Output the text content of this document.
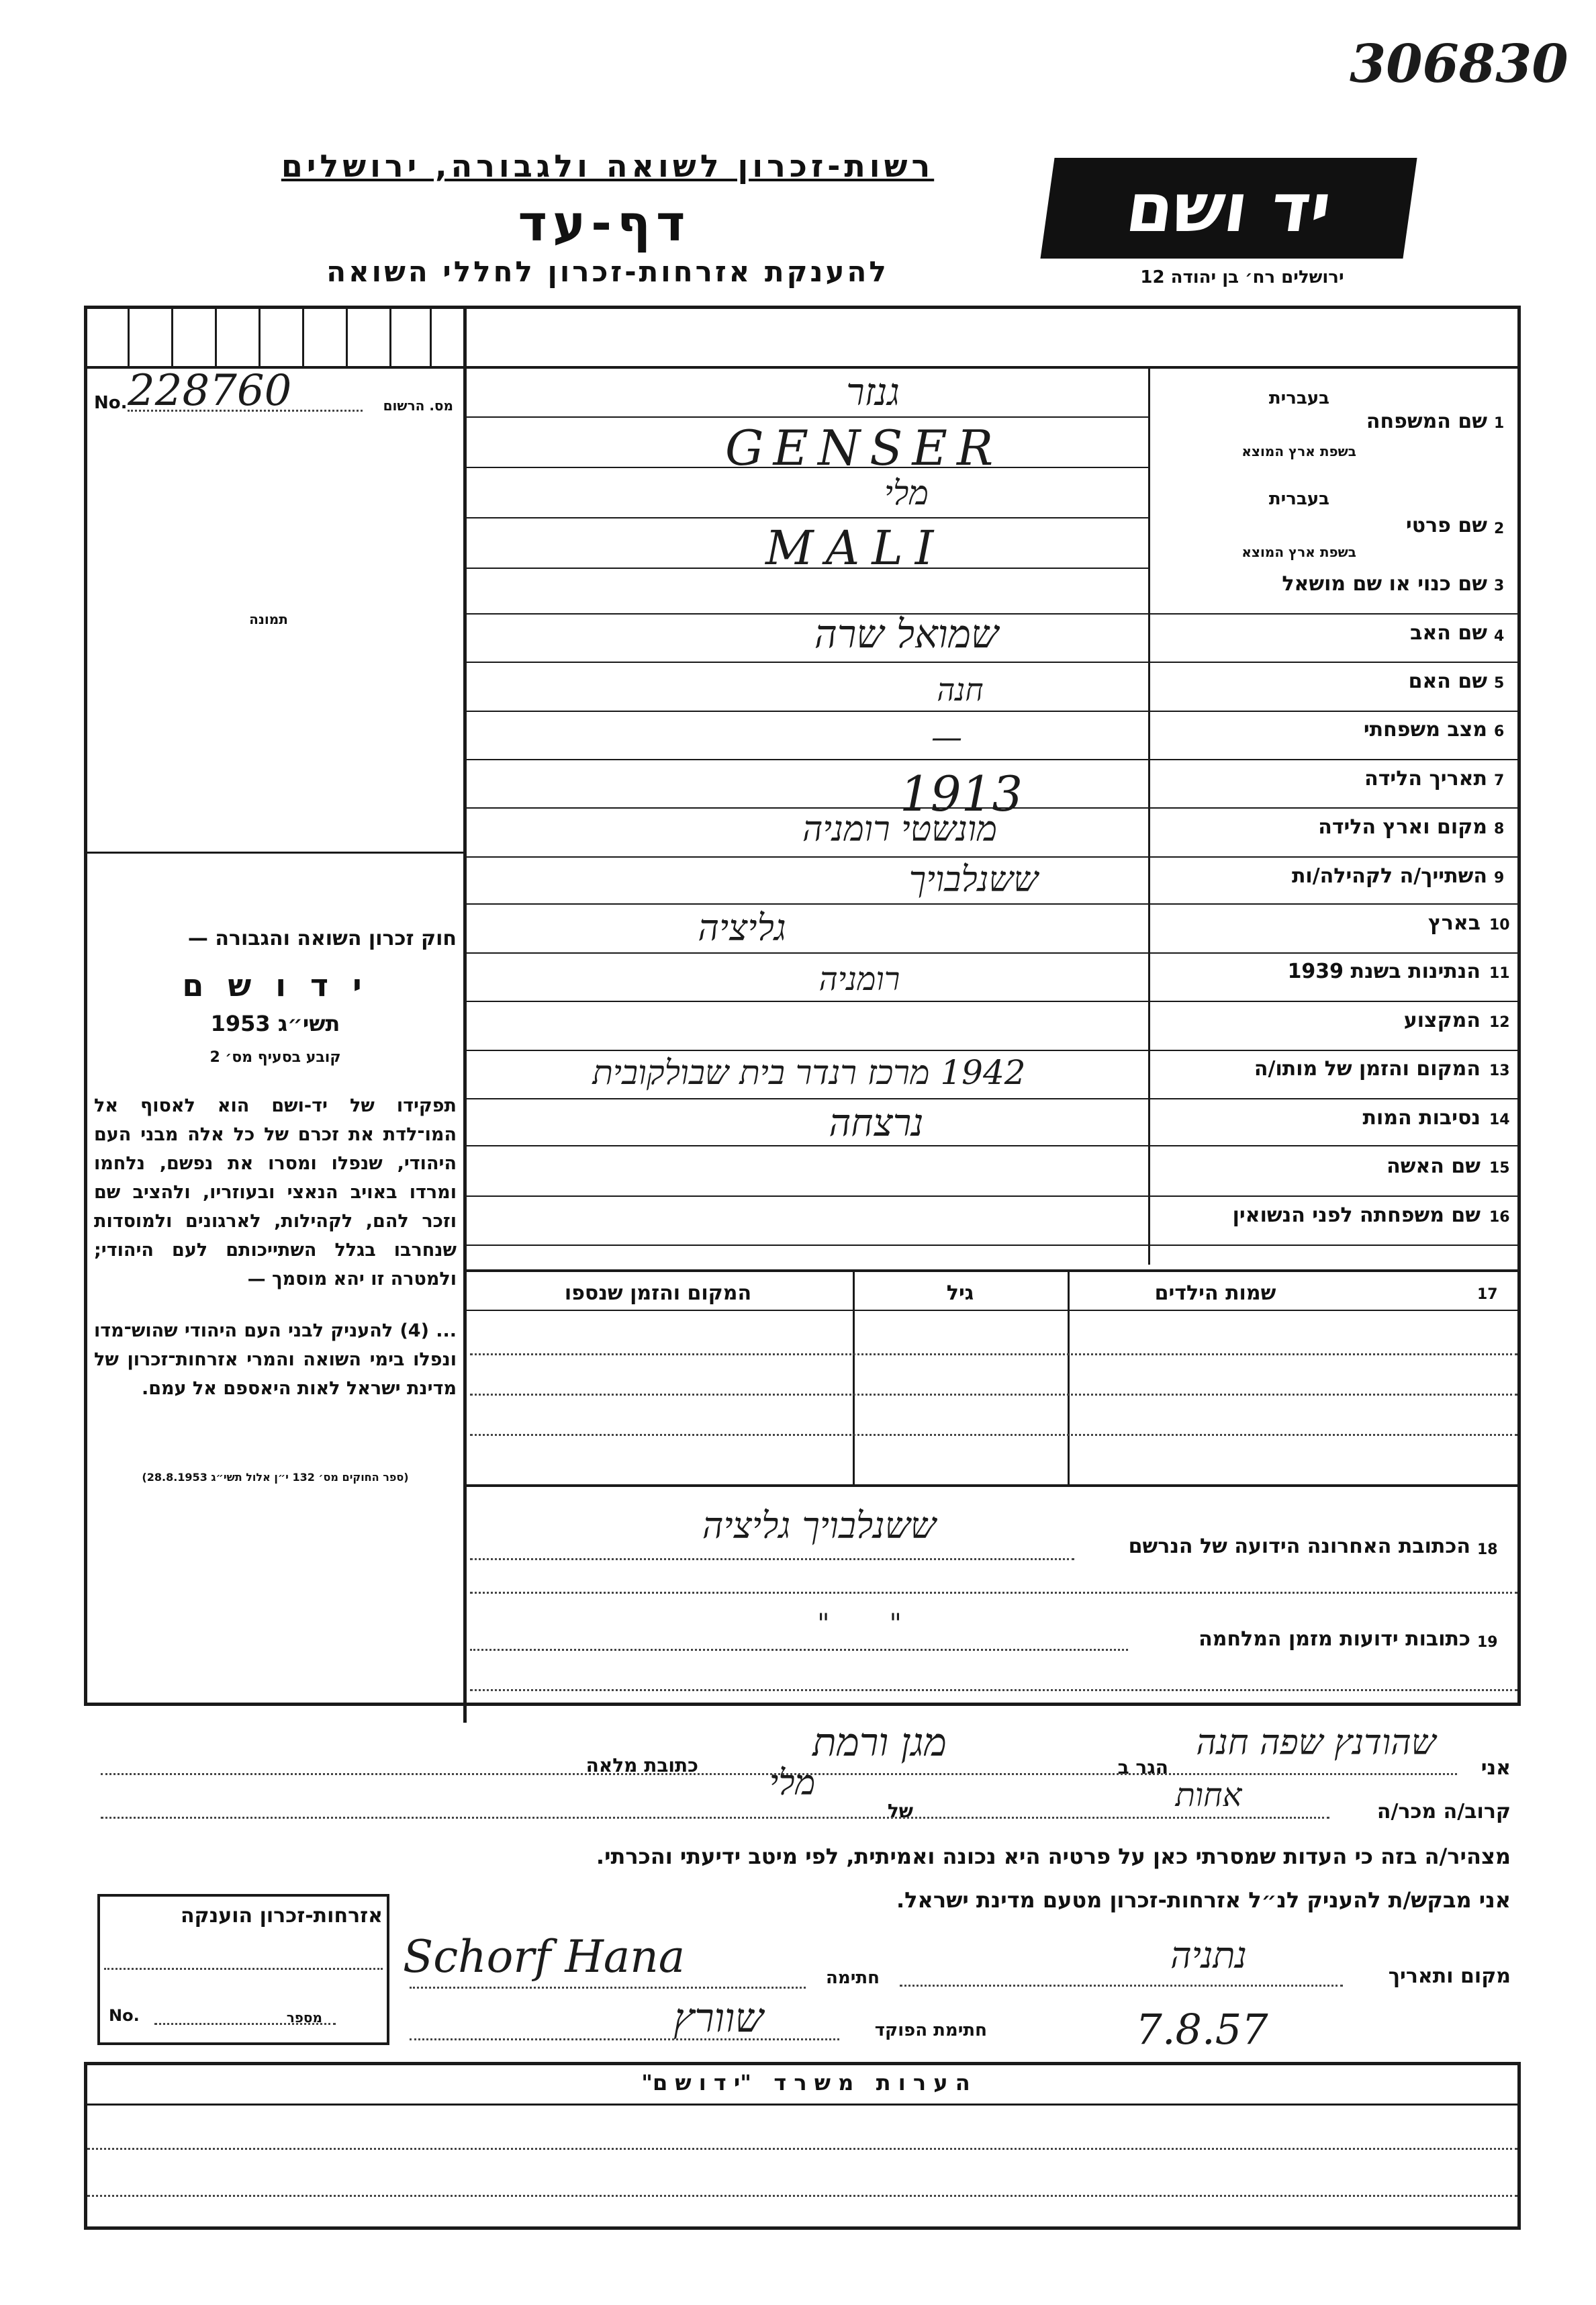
306830
רשות-זכרון לשואה ולגבורה, ירושלים
דף-עד
להענקת אזרחות-זכרון לחללי השואה
יד ושם
ירושלים רח׳ בן יהודה 12
No. 228760	מס. הרשום
תמונה
חוק זכרון השואה והגבורה —
י ד ו ש ם
תשי״ג 1953
קובע בסעיף מס׳ 2
תפקידו של יד-ושם הוא לאסוף אל המו־לדת את זכרם של כל אלה מבני העם היהודי, שנפלו ומסרו את נפשם, נלחמו ומרדו באויב הנאצי ובעוזריו, ולהציב שם וזכר להם, לקהילות, לארגונים ולמוסדות שנחרבו בגלל השתייכותם לעם היהודי; ולמטרה זו יהא מוסמך —
... (4) להעניק לבני העם היהודי שהוש־מדו ונפלו בימי השואה והמרי אזרחות־זכרון של מדינת ישראל לאות היאספם אל עמם.
(ספר החוקים מס׳ 132 י״ן אלול תשי״ג 28.8.1953)
1
שם המשפחה
בעברית
בשפת ארץ המוצא
גנזר
GENSER
2
שם פרטי
בעברית
בשפת ארץ המוצא
מלי
MALI
3
שם כנוי או שם מושאל
4
שם האב
שמואל שרה
5
שם האם
חנה
6
מצב משפחתי
—
7
תאריך הלידה
1913
8
מקום וארץ הלידה
מונשטי רומניה
9
השתייך/ה לקהילה/ות
ששנלבויך
10
בארץ
גליציה
11
הנתינות בשנת 1939
רומניה
12
המקצוע
13
המקום והזמן של מותו/ה
1942 מרכז רנדר בית שבולקובית
14
נסיבות המות
נרצחה
15
שם האשה
16
שם משפחתה לפני הנשואין
17
שמות הילדים
גיל
המקום והזמן שנספו
18
הכתובת האחרונה הידועה של הנרשם
ששנלבויך גליציה
19
כתובות ידועות מזמן המלחמה
"       "
אני
שהודנץ שפה חנה
הגר ב
מגן ורמת
כתובת מלאה
קרוב/ה מכר/ה
אחות
של
מלי
מצהיר/ה בזה כי העדות שמסרתי כאן על פרטיה היא נכונה ואמיתית, לפי מיטב ידיעתי והכרתי.
אני מבקש/ת להעניק לנ״ל אזרחות-זכרון מטעם מדינת ישראל.
מקום ותאריך
נתניה
7.8.57
חתימה
Schorf Hana
חתימת הפוקד
שוורץ
אזרחות-זכרון הוענקה
No.	מספר
ה ע ר ו ת   מ ש ר ד   "י ד ו ש ם"
